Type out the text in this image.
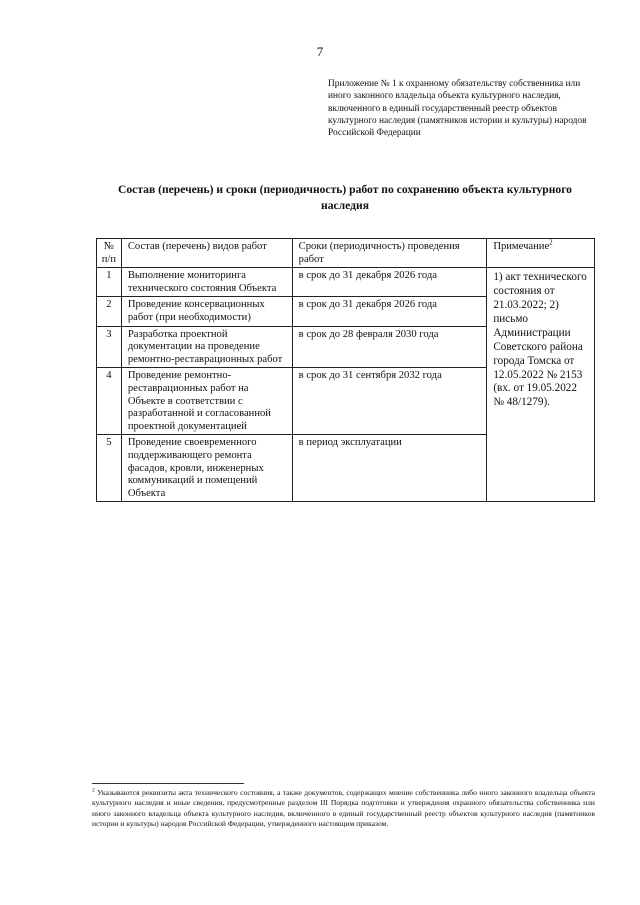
7
Приложение № 1 к охранному обязательству собственника или иного законного владельца объекта культурного наследия, включенного в единый государственный реестр объектов культурного наследия (памятников истории и культуры) народов Российской Федерации
Состав (перечень) и сроки (периодичность) работ по сохранению объекта культурного наследия
№ п/п	Состав (перечень) видов работ	Сроки (периодичность) проведения работ	Примечание$^2$
1	Выполнение мониторинга технического состояния Объекта	в срок до 31 декабря 2026 года	1) акт технического состояния от 21.03.2022; 2) письмо Администрации Советского района города Томска от 12.05.2022 № 2153 (вх. от 19.05.2022 № 48/1279).
2	Проведение консервационных работ (при необходимости)	в срок до 31 декабря 2026 года	
3	Разработка проектной документации на проведение ремонтно-реставрационных работ	в срок до 28 февраля 2030 года	
4	Проведение ремонтно-реставрационных работ на Объекте в соответствии с разработанной и согласованной проектной документацией	в срок до 31 сентября 2032 года	
5	Проведение своевременного поддерживающего ремонта фасадов, кровли, инженерных коммуникаций и помещений Объекта	в период эксплуатации	
$^2$ Указываются реквизиты акта технического состояния, а также документов, содержащих мнение собственника либо иного законного владельца объекта культурного наследия и иные сведения, предусмотренные разделом III Порядка подготовки и утверждения охранного обязательства собственника или иного законного владельца объекта культурного наследия, включенного в единый государственный реестр объектов культурного наследия (памятников истории и культуры) народов Российской Федерации, утвержденного настоящим приказом.
